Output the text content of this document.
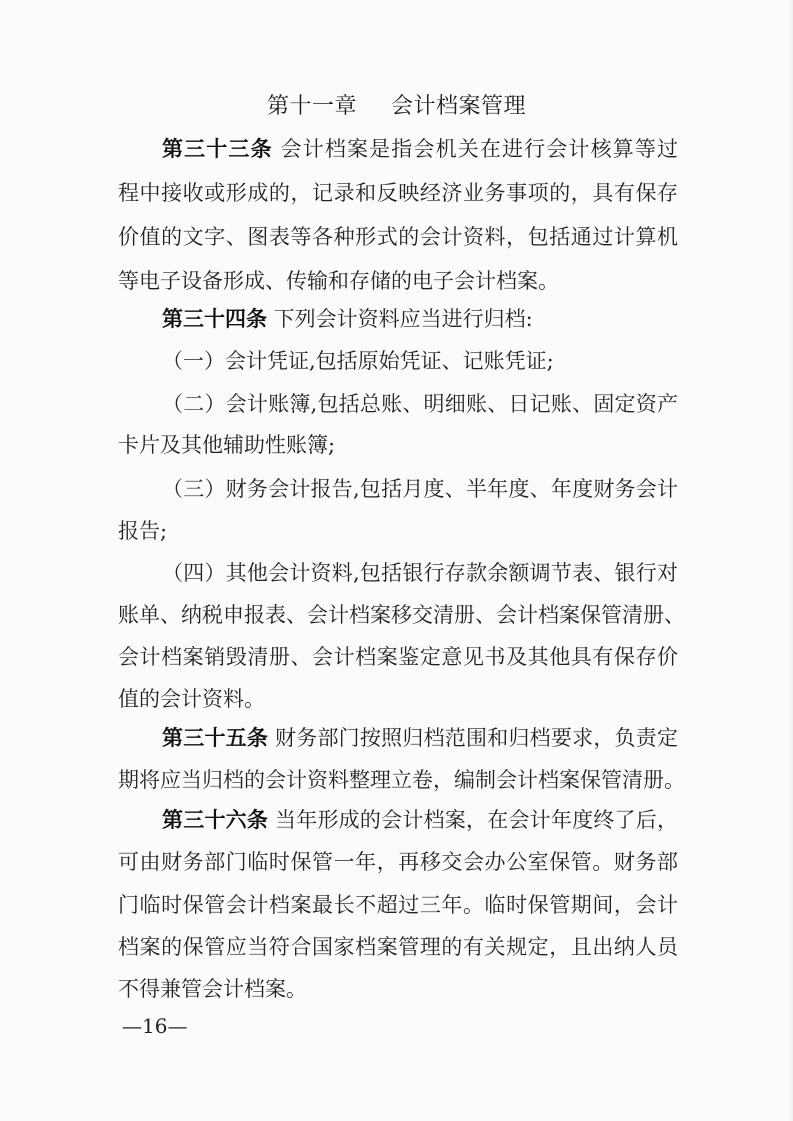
第十一章 会计档案管理
第三十三条 会计档案是指会机关在进行会计核算等过
程中接收或形成的，记录和反映经济业务事项的，具有保存
价值的文字、图表等各种形式的会计资料，包括通过计算机
等电子设备形成、传输和存储的电子会计档案。
第三十四条 下列会计资料应当进行归档:
（一）会计凭证,包括原始凭证、记账凭证;
（二）会计账簿,包括总账、明细账、日记账、固定资产
卡片及其他辅助性账簿;
（三）财务会计报告,包括月度、半年度、年度财务会计
报告;
（四）其他会计资料,包括银行存款余额调节表、银行对
账单、纳税申报表、会计档案移交清册、会计档案保管清册、
会计档案销毁清册、会计档案鉴定意见书及其他具有保存价
值的会计资料。
第三十五条 财务部门按照归档范围和归档要求，负责定
期将应当归档的会计资料整理立卷，编制会计档案保管清册。
第三十六条 当年形成的会计档案，在会计年度终了后，
可由财务部门临时保管一年，再移交会办公室保管。财务部
门临时保管会计档案最长不超过三年。临时保管期间，会计
档案的保管应当符合国家档案管理的有关规定，且出纳人员
不得兼管会计档案。
—16—
